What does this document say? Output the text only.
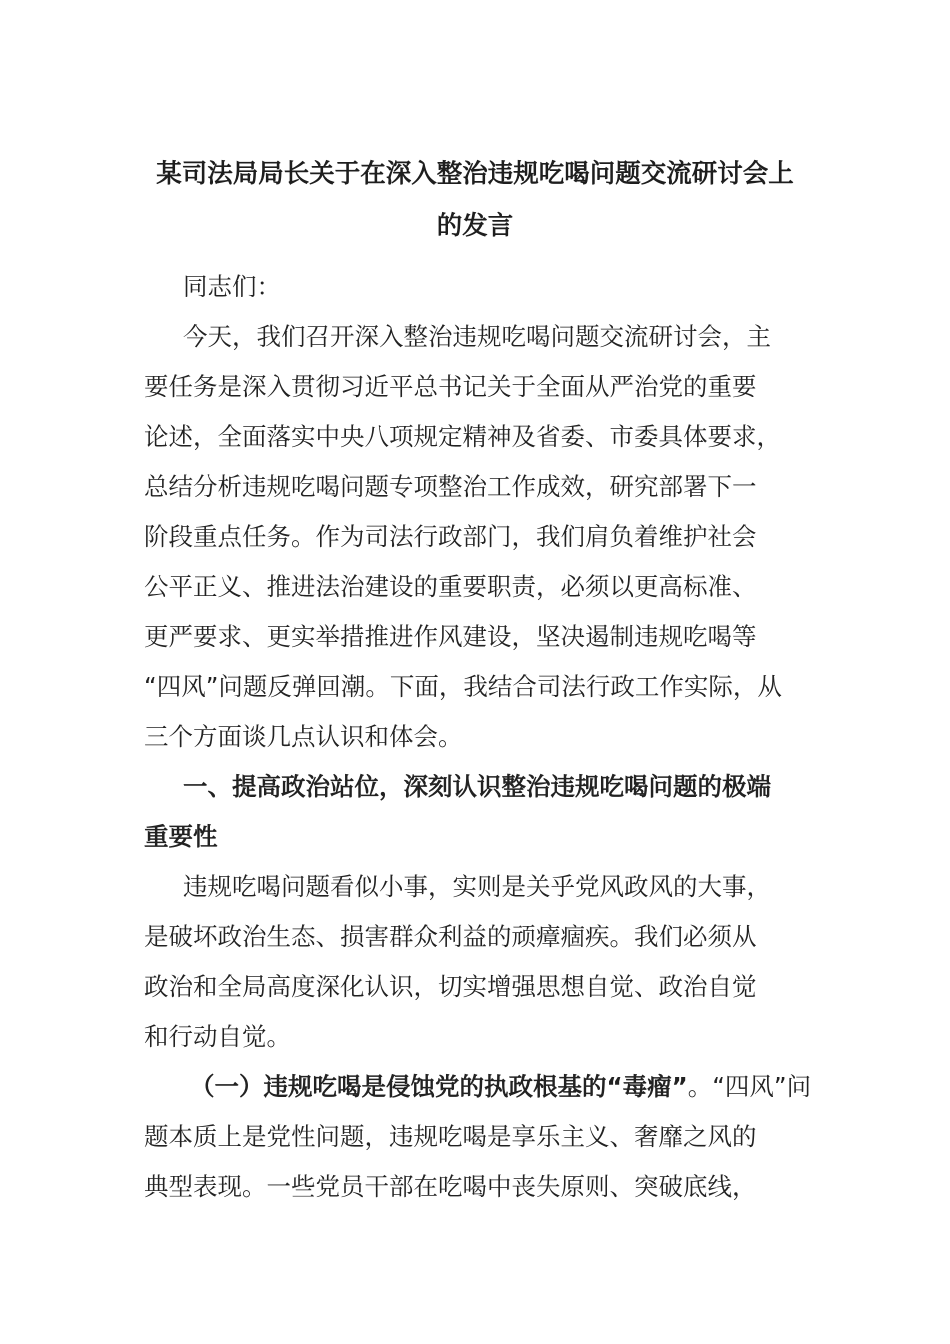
某司法局局长关于在深入整治违规吃喝问题交流研讨会上
的发言

同志们：

今天，我们召开深入整治违规吃喝问题交流研讨会，主
要任务是深入贯彻习近平总书记关于全面从严治党的重要
论述，全面落实中央八项规定精神及省委、市委具体要求，
总结分析违规吃喝问题专项整治工作成效，研究部署下一
阶段重点任务。作为司法行政部门，我们肩负着维护社会
公平正义、推进法治建设的重要职责，必须以更高标准、
更严要求、更实举措推进作风建设，坚决遏制违规吃喝等
“四风”问题反弹回潮。下面，我结合司法行政工作实际，从
三个方面谈几点认识和体会。

一、提高政治站位，深刻认识整治违规吃喝问题的极端
重要性

违规吃喝问题看似小事，实则是关乎党风政风的大事，
是破坏政治生态、损害群众利益的顽瘴痼疾。我们必须从
政治和全局高度深化认识，切实增强思想自觉、政治自觉
和行动自觉。

（一）违规吃喝是侵蚀党的执政根基的“毒瘤”。“四风”问
题本质上是党性问题，违规吃喝是享乐主义、奢靡之风的
典型表现。一些党员干部在吃喝中丧失原则、突破底线，
